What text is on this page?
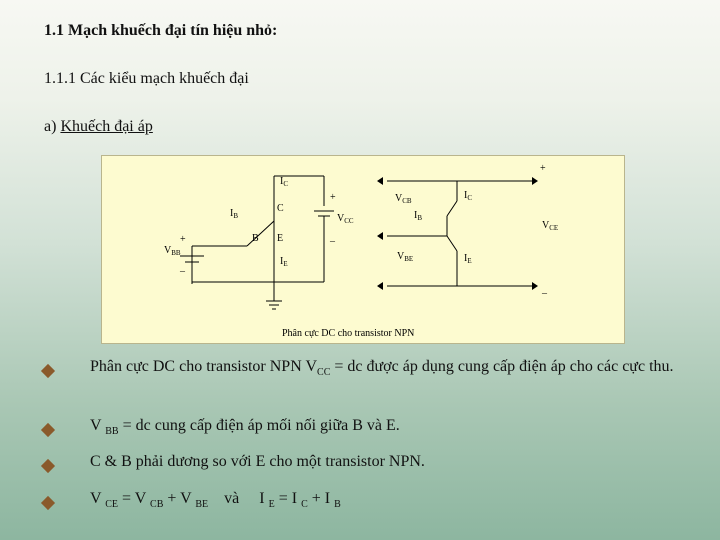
1.1 Mạch khuếch đại tín hiệu nhỏ:
1.1.1 Các kiểu mạch khuếch đại
a) Khuếch đại áp
$I_C$
$I_B$
C
B E
$I_E$
$V_{CC}$
$V_{BB}$
$V_{CB}$
$V_{BE}$
$V_{CE}$
$I_C$
$I_B$
$I_E$
+
–
+
–
+
–
Phân cực DC cho transistor NPN
Phân cực DC cho transistor NPN $V_{CC}$ = dc được áp dụng cung cấp điện áp cho các cực thu.
V $_{BB}$ = dc cung cấp điện áp mối nối giữa B và E.
C & B phải dương so với E cho một transistor NPN.
V $_{CE}$ = V $_{CB}$ + V $_{BE}$    và     I $_E$ = I $_C$ + I $_B$
